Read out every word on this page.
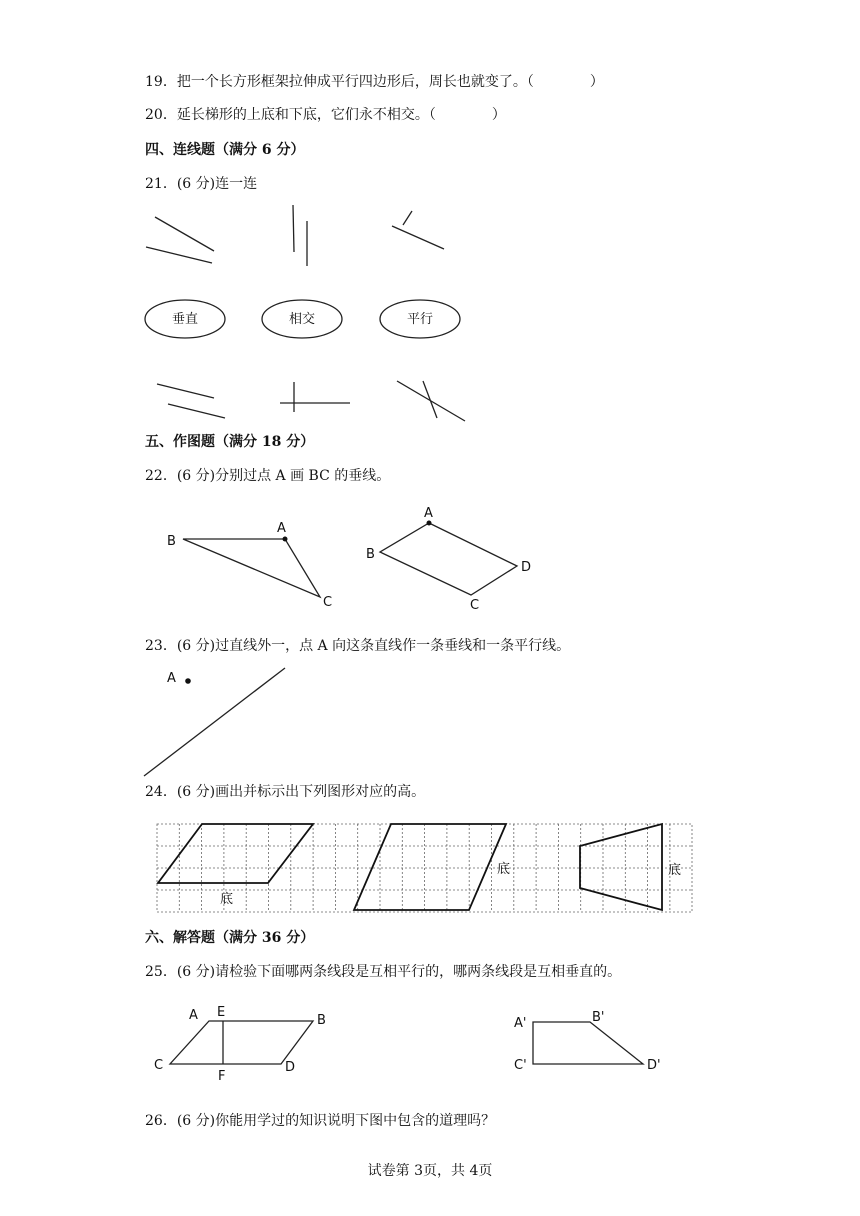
19．把一个长方形框架拉伸成平行四边形后，周长也就变了。（　　　　）
20．延长梯形的上底和下底，它们永不相交。（　　　　）
四、连线题（满分 6 分）
21．(6 分)连一连
五、作图题（满分 18 分）
22．(6 分)分别过点 A 画 BC 的垂线。
23．(6 分)过直线外一，点 A 向这条直线作一条垂线和一条平行线。
24．(6 分)画出并标示出下列图形对应的高。
六、解答题（满分 36 分）
25．(6 分)请检验下面哪两条线段是互相平行的，哪两条线段是互相垂直的。
26．(6 分)你能用学过的知识说明下图中包含的道理吗？
垂直	相交	平行
B
A
C
A
B
C
D
A
底
底	底
A E
B
C
F
D
A'	B'
C'	D'
试卷第 3页，共 4页
